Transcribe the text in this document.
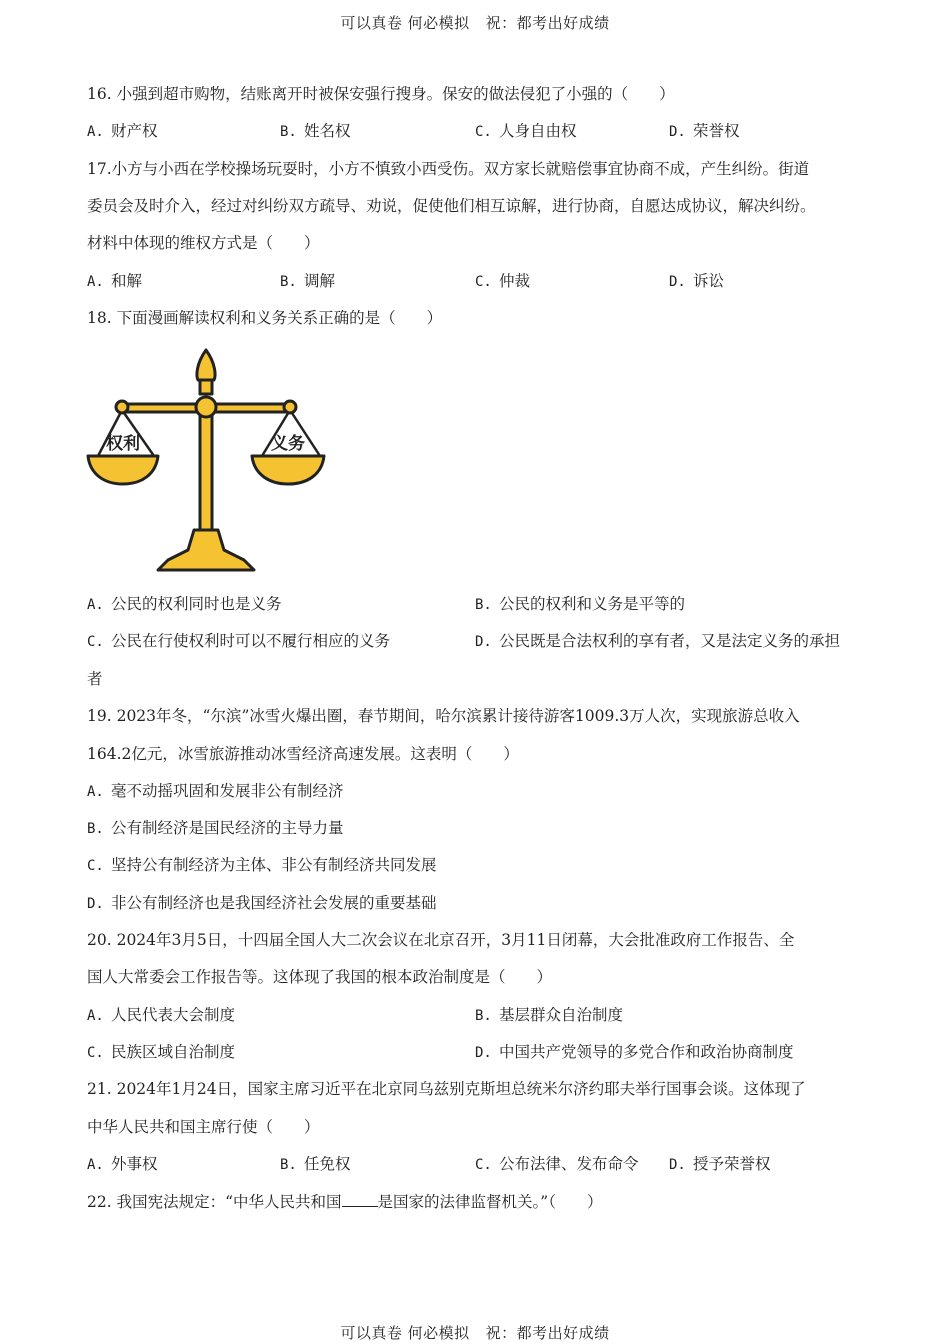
可以真卷 何必模拟 祝：都考出好成绩
16. 小强到超市购物，结账离开时被保安强行搜身。保安的做法侵犯了小强的（　　）
A. 财产权	B. 姓名权	C. 人身自由权	D. 荣誉权
17.小方与小西在学校操场玩耍时，小方不慎致小西受伤。双方家长就赔偿事宜协商不成，产生纠纷。街道
委员会及时介入，经过对纠纷双方疏导、劝说，促使他们相互谅解，进行协商，自愿达成协议，解决纠纷。
材料中体现的维权方式是（　　）
A. 和解	B. 调解	C. 仲裁	D. 诉讼
18. 下面漫画解读权利和义务关系正确的是（　　）
权利	义务
A. 公民的权利同时也是义务	B. 公民的权利和义务是平等的
C. 公民在行使权利时可以不履行相应的义务	D. 公民既是合法权利的享有者，又是法定义务的承担
者
19. 2023年冬，“尔滨”冰雪火爆出圈，春节期间，哈尔滨累计接待游客1009.3万人次，实现旅游总收入
164.2亿元，冰雪旅游推动冰雪经济高速发展。这表明（　　）
A. 毫不动摇巩固和发展非公有制经济
B. 公有制经济是国民经济的主导力量
C. 坚持公有制经济为主体、非公有制经济共同发展
D. 非公有制经济也是我国经济社会发展的重要基础
20. 2024年3月5日，十四届全国人大二次会议在北京召开，3月11日闭幕，大会批准政府工作报告、全
国人大常委会工作报告等。这体现了我国的根本政治制度是（　　）
A. 人民代表大会制度	B. 基层群众自治制度
C. 民族区域自治制度	D. 中国共产党领导的多党合作和政治协商制度
21. 2024年1月24日，国家主席习近平在北京同乌兹别克斯坦总统米尔济约耶夫举行国事会谈。这体现了
中华人民共和国主席行使（　　）
A. 外事权	B. 任免权	C. 公布法律、发布命令 D. 授予荣誉权
22. 我国宪法规定：“中华人民共和国 是国家的法律监督机关。”（　　）
可以真卷 何必模拟 祝：都考出好成绩
